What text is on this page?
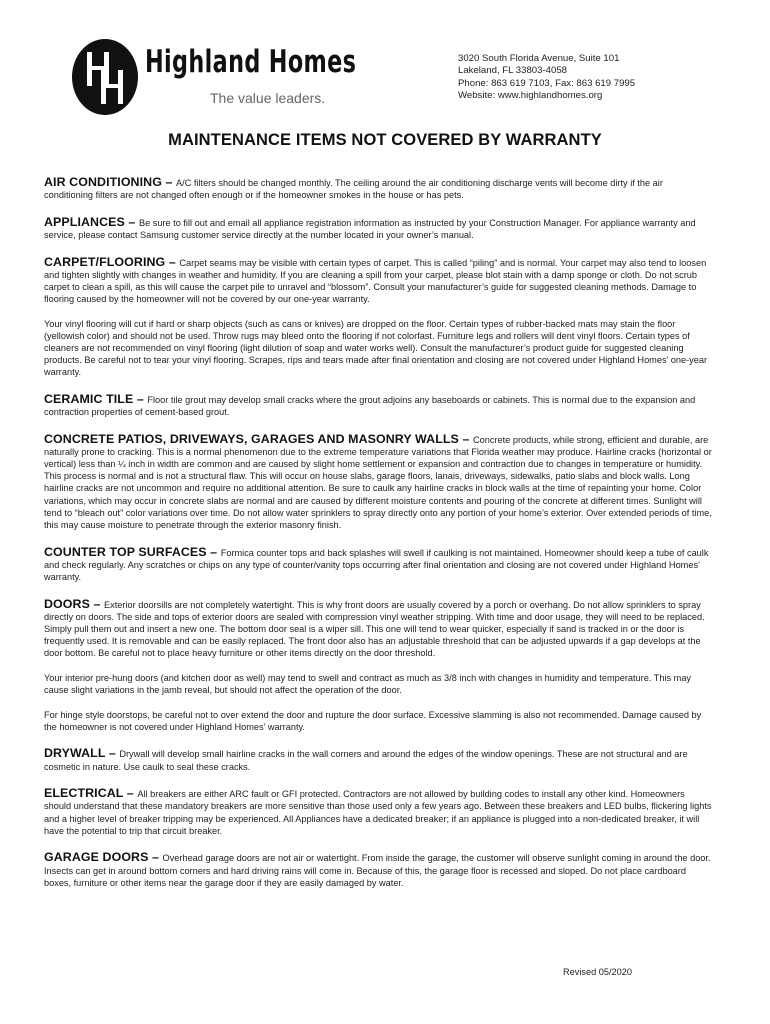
Highland Homes
The value leaders.
3020 South Florida Avenue, Suite 101
Lakeland, FL 33803-4058
Phone: 863 619 7103, Fax: 863 619 7995
Website: www.highlandhomes.org
MAINTENANCE ITEMS NOT COVERED BY WARRANTY

AIR CONDITIONING – A/C filters should be changed monthly. The ceiling around the air conditioning discharge vents will become dirty if the air conditioning filters are not changed often enough or if the homeowner smokes in the house or has pets.

APPLIANCES – Be sure to fill out and email all appliance registration information as instructed by your Construction Manager. For appliance warranty and service, please contact Samsung customer service directly at the number located in your owner’s manual.

CARPET/FLOORING – Carpet seams may be visible with certain types of carpet. This is called “piling” and is normal. Your carpet may also tend to loosen and tighten slightly with changes in weather and humidity. If you are cleaning a spill from your carpet, please blot stain with a damp sponge or cloth. Do not scrub carpet to clean a spill, as this will cause the carpet pile to unravel and “blossom”. Consult your manufacturer’s guide for suggested cleaning methods. Damage to flooring caused by the homeowner will not be covered by our one-year warranty.

Your vinyl flooring will cut if hard or sharp objects (such as cans or knives) are dropped on the floor. Certain types of rubber-backed mats may stain the floor (yellowish color) and should not be used. Throw rugs may bleed onto the flooring if not colorfast. Furniture legs and rollers will dent vinyl floors. Certain types of cleaners are not recommended on vinyl flooring (light dilution of soap and water works well). Consult the manufacturer’s product guide for suggested cleaning products. Be careful not to tear your vinyl flooring. Scrapes, rips and tears made after final orientation and closing are not covered under Highland Homes’ one-year warranty.

CERAMIC TILE – Floor tile grout may develop small cracks where the grout adjoins any baseboards or cabinets. This is normal due to the expansion and contraction properties of cement-based grout.

CONCRETE PATIOS, DRIVEWAYS, GARAGES AND MASONRY WALLS – Concrete products, while strong, efficient and durable, are naturally prone to cracking. This is a normal phenomenon due to the extreme temperature variations that Florida weather may produce. Hairline cracks (horizontal or vertical) less than ¼ inch in width are common and are caused by slight home settlement or expansion and contraction due to changes in temperature or humidity. This process is normal and is not a structural flaw. This will occur on house slabs, garage floors, lanais, driveways, sidewalks, patio slabs and block walls. Long hairline cracks are not uncommon and require no additional attention. Be sure to caulk any hairline cracks in block walls at the time of repainting your home. Color variations, which may occur in concrete slabs are normal and are caused by different moisture contents and pouring of the concrete at different times. Sunlight will tend to “bleach out” color variations over time. Do not allow water sprinklers to spray directly onto any portion of your home’s exterior. Over extended periods of time, this may cause moisture to penetrate through the exterior masonry finish.

COUNTER TOP SURFACES – Formica counter tops and back splashes will swell if caulking is not maintained. Homeowner should keep a tube of caulk and check regularly. Any scratches or chips on any type of counter/vanity tops occurring after final orientation and closing are not covered under Highland Homes’ warranty.

DOORS – Exterior doorsills are not completely watertight. This is why front doors are usually covered by a porch or overhang. Do not allow sprinklers to spray directly on doors. The side and tops of exterior doors are sealed with compression vinyl weather stripping. With time and door usage, they will need to be replaced. Simply pull them out and insert a new one. The bottom door seal is a wiper sill. This one will tend to wear quicker, especially if sand is tracked in or the door is frequently used. It is removable and can be easily replaced. The front door also has an adjustable threshold that can be adjusted upwards if a gap develops at the door bottom. Be careful not to place heavy furniture or other items directly on the door threshold.

Your interior pre-hung doors (and kitchen door as well) may tend to swell and contract as much as 3/8 inch with changes in humidity and temperature. This may cause slight variations in the jamb reveal, but should not affect the operation of the door.

For hinge style doorstops, be careful not to over extend the door and rupture the door surface. Excessive slamming is also not recommended. Damage caused by the homeowner is not covered under Highland Homes’ warranty.

DRYWALL – Drywall will develop small hairline cracks in the wall corners and around the edges of the window openings. These are not structural and are cosmetic in nature. Use caulk to seal these cracks.

ELECTRICAL – All breakers are either ARC fault or GFI protected. Contractors are not allowed by building codes to install any other kind. Homeowners should understand that these mandatory breakers are more sensitive than those used only a few years ago. Between these breakers and LED bulbs, flickering lights and a higher level of breaker tripping may be experienced. All Appliances have a dedicated breaker; if an appliance is plugged into a non-dedicated breaker, it will have the potential to trip that circuit breaker.

GARAGE DOORS – Overhead garage doors are not air or watertight. From inside the garage, the customer will observe sunlight coming in around the door. Insects can get in around bottom corners and hard driving rains will come in. Because of this, the garage floor is recessed and sloped. Do not place cardboard boxes, furniture or other items near the garage door if they are easily damaged by water.

Revised 05/2020
